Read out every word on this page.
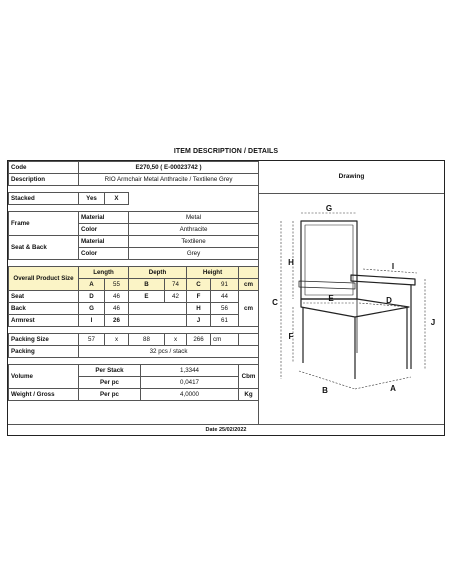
ITEM DESCRIPTION / DETAILS
Code	E270,50 ( E-00023742 )							
Description	RIO Armchair Metal Anthracite / Textilene Grey							

Stacked	Yes	X						

Frame	Material		Metal					
	Color		Anthracite					
Seat & Back	Material		Textilene					
	Color		Grey					

Overall Product Size	Length		Depth			Height		
	A	55	B		74	C	91	cm
Seat	D	46	E		42	F	44	cm
Back	G	46				H	56	
Armrest	I	26				J	61	

Packing Size	57	x	88		x	266	cm	
Packing	32 pcs / stack							

Volume	Per Stack			1,3344				Cbm
	Per pc			0,0417				
Weight / Gross	Per pc			4,0000				Kg
Drawing
G
H
C
F
I
J
E	D
B	A
Date 25/02/2022
